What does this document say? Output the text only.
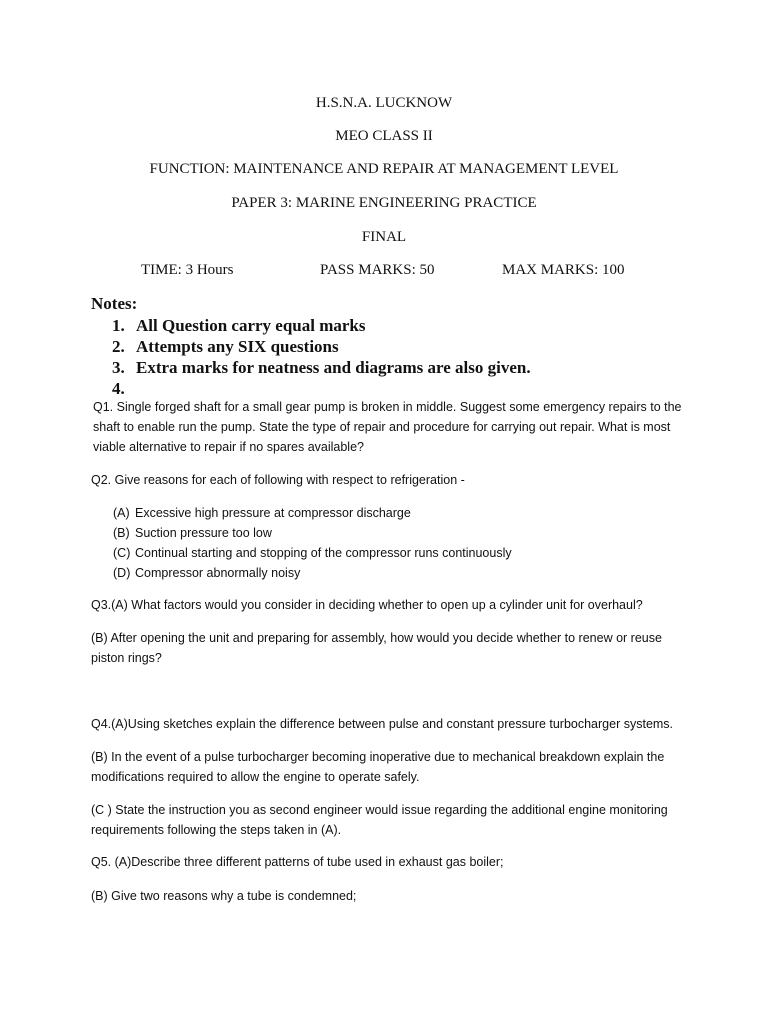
H.S.N.A. LUCKNOW
MEO CLASS II
FUNCTION: MAINTENANCE AND REPAIR AT MANAGEMENT LEVEL
PAPER 3: MARINE ENGINEERING PRACTICE
FINAL
TIME: 3 Hours	PASS MARKS: 50	MAX MARKS: 100
Notes:
1. All Question carry equal marks
2. Attempts any SIX questions
3. Extra marks for neatness and diagrams are also given.
4.
Q1. Single forged shaft for a small gear pump is broken in middle. Suggest some emergency repairs to the shaft to enable run the pump. State the type of repair and procedure for carrying out repair. What is most viable alternative to repair if no spares available?
Q2. Give reasons for each of following with respect to refrigeration -
(A) Excessive high pressure at compressor discharge
(B) Suction pressure too low
(C) Continual starting and stopping of the compressor runs continuously
(D) Compressor abnormally noisy
Q3.(A) What factors would you consider in deciding whether to open up a cylinder unit for overhaul?
(B) After opening the unit and preparing for assembly, how would you decide whether to renew or reuse piston rings?
Q4.(A)Using sketches explain the difference between pulse and constant pressure turbocharger systems.
(B) In the event of a pulse turbocharger becoming inoperative due to mechanical breakdown explain the modifications required to allow the engine to operate safely.
(C ) State the instruction you as second engineer would issue regarding the additional engine monitoring requirements following the steps taken in (A).
Q5. (A)Describe three different patterns of tube used in exhaust gas boiler;
(B) Give two reasons why a tube is condemned;
